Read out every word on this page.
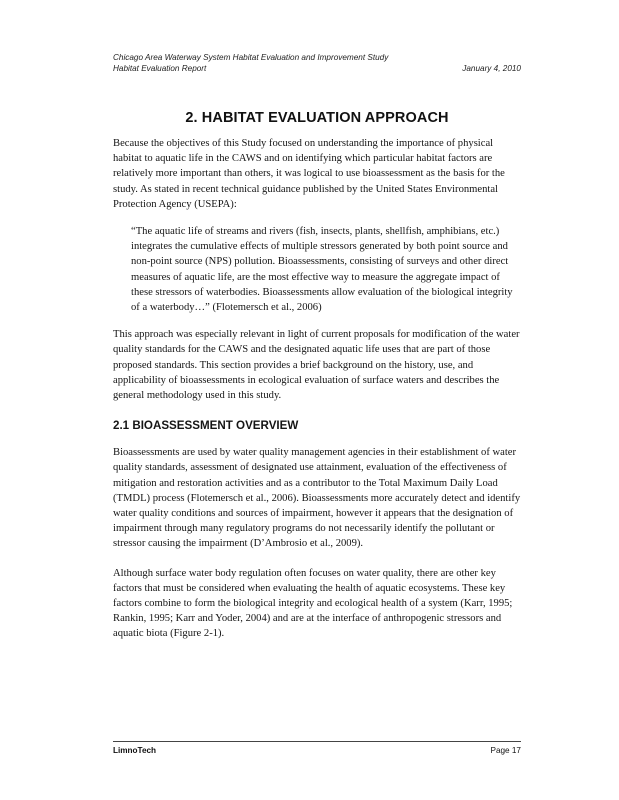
Chicago Area Waterway System Habitat Evaluation and Improvement Study
Habitat Evaluation Report	January 4, 2010
2. HABITAT EVALUATION APPROACH

Because the objectives of this Study focused on understanding the importance of physical habitat to aquatic life in the CAWS and on identifying which particular habitat factors are relatively more important than others, it was logical to use bioassessment as the basis for the study. As stated in recent technical guidance published by the United States Environmental Protection Agency (USEPA):

“The aquatic life of streams and rivers (fish, insects, plants, shellfish, amphibians, etc.) integrates the cumulative effects of multiple stressors generated by both point source and non-point source (NPS) pollution. Bioassessments, consisting of surveys and other direct measures of aquatic life, are the most effective way to measure the aggregate impact of these stressors of waterbodies. Bioassessments allow evaluation of the biological integrity of a waterbody…” (Flotemersch et al., 2006)

This approach was especially relevant in light of current proposals for modification of the water quality standards for the CAWS and the designated aquatic life uses that are part of those proposed standards. This section provides a brief background on the history, use, and applicability of bioassessments in ecological evaluation of surface waters and describes the general methodology used in this study.

2.1 BIOASSESSMENT OVERVIEW

Bioassessments are used by water quality management agencies in their establishment of water quality standards, assessment of designated use attainment, evaluation of the effectiveness of mitigation and restoration activities and as a contributor to the Total Maximum Daily Load (TMDL) process (Flotemersch et al., 2006). Bioassessments more accurately detect and identify water quality conditions and sources of impairment, however it appears that the designation of impairment through many regulatory programs do not necessarily identify the pollutant or stressor causing the impairment (D’Ambrosio et al., 2009).

Although surface water body regulation often focuses on water quality, there are other key factors that must be considered when evaluating the health of aquatic ecosystems. These key factors combine to form the biological integrity and ecological health of a system (Karr, 1995; Rankin, 1995; Karr and Yoder, 2004) and are at the interface of anthropogenic stressors and aquatic biota (Figure 2-1).

LimnoTech	Page 17
